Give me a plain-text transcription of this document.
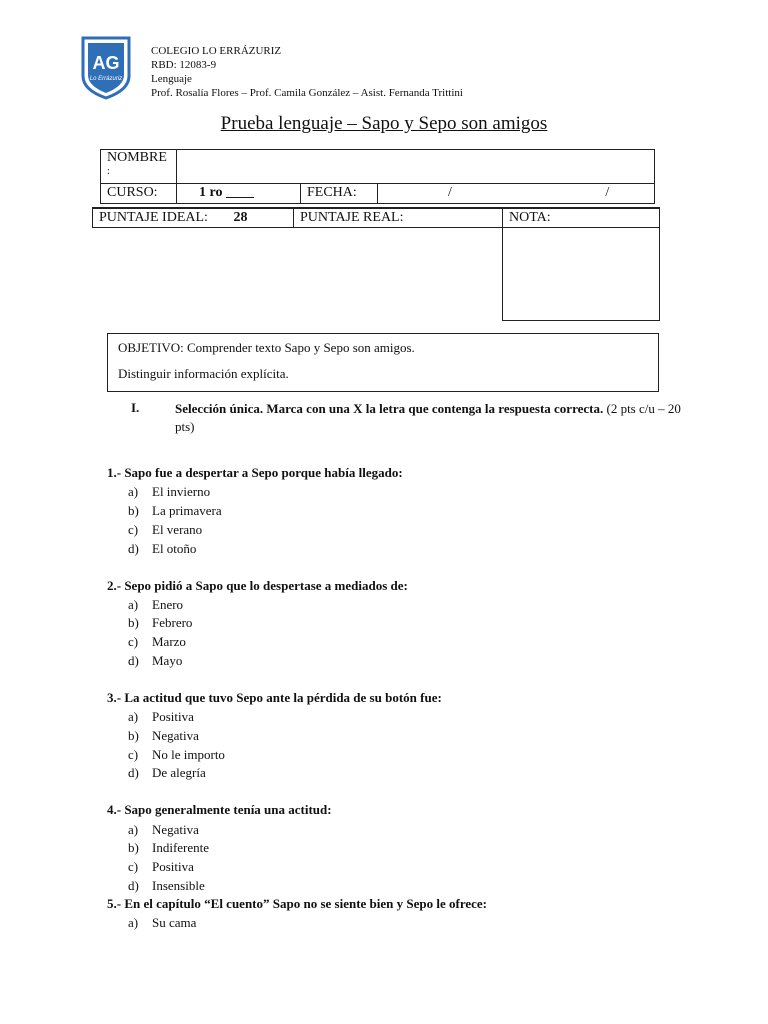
AG
Lo Errázuriz
COLEGIO LO ERRÁZURIZ
RBD: 12083-9
Lenguaje
Prof. Rosalía Flores – Prof. Camila González – Asist. Fernanda Trittini
Prueba lenguaje – Sapo y Sepo son amigos
NOMBRE
:			

CURSO:	1 ro ____	FECHA:	/ /
PUNTAJE IDEAL: 28	PUNTAJE REAL:	NOTA:

OBJETIVO: Comprender texto Sapo y Sepo son amigos.
Distinguir información explícita.
I.	Selección única. Marca con una X la letra que contenga la respuesta correcta. (2 pts c/u – 20 pts)
1.- Sapo fue a despertar a Sepo porque había llegado:
a) El invierno
b) La primavera
c) El verano
d) El otoño
2.- Sepo pidió a Sapo que lo despertase a mediados de:
a) Enero
b) Febrero
c) Marzo
d) Mayo
3.- La actitud que tuvo Sepo ante la pérdida de su botón fue:
a) Positiva
b) Negativa
c) No le importo
d) De alegría
4.- Sapo generalmente tenía una actitud:
a) Negativa
b) Indiferente
c) Positiva
d) Insensible
5.- En el capítulo “El cuento” Sapo no se siente bien y Sepo le ofrece:
a) Su cama
